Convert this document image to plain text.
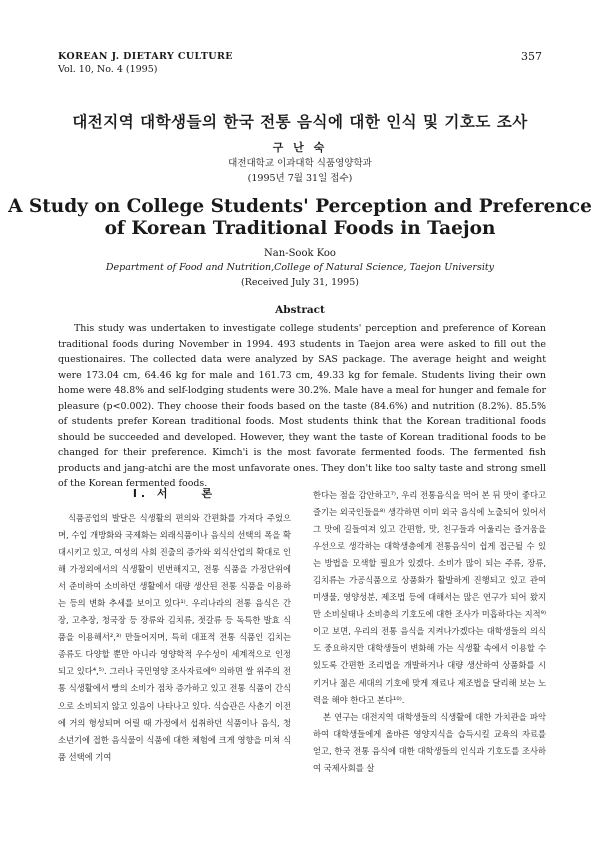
KOREAN J. DIETARY CULTURE
Vol. 10, No. 4 (1995)
357
대전지역 대학생들의 한국 전통 음식에 대한 인식 및 기호도 조사
구 난 숙
대전대학교 이과대학 식품영양학과
(1995년 7월 31일 접수)
A Study on College Students' Perception and Preference
of Korean Traditional Foods in Taejon
Nan-Sook Koo
Department of Food and Nutrition,College of Natural Science, Taejon University
(Received July 31, 1995)
Abstract

This study was undertaken to investigate college students' perception and preference of Korean traditional foods during November in 1994. 493 students in Taejon area were asked to fill out the questionaires. The collected data were analyzed by SAS package. The average height and weight were 173.04 cm, 64.46 kg for male and 161.73 cm, 49.33 kg for female. Students living their own home were 48.8% and self-lodging students were 30.2%. Male have a meal for hunger and female for pleasure (p<0.002). They choose their foods based on the taste (84.6%) and nutrition (8.2%). 85.5% of students prefer Korean traditional foods. Most students think that the Korean traditional foods should be succeeded and developed. However, they want the taste of Korean traditional foods to be changed for their preference. Kimch'i is the most favorate fermented foods. The fermented fish products and jang-atchi are the most unfavorate ones. They don't like too salty taste and strong smell of the Korean fermented foods.

I. 서　　론

식품공업의 발달은 식생활의 편의와 간편화를 가져다 주었으며, 수입 개방화와 국제화는 외래식품이나 음식의 선택의 폭을 확대시키고 있고, 여성의 사회 진출의 증가와 외식산업의 확대로 인해 가정외에서의 식생활이 빈번해지고, 전통 식품을 가정단위에서 준비하여 소비하던 생활에서 대량 생산된 전통 식품을 이용하는 등의 변화 추세를 보이고 있다¹⁾. 우리나라의 전통 음식은 간장, 고추장, 청국장 등 장류와 김치류, 젓갈류 등 독특한 발효 식품을 이용해서²,³⁾ 만들어지며, 특히 대표적 전통 식품인 김치는 종류도 다양할 뿐만 아니라 영양학적 우수성이 세계적으로 인정되고 있다⁴,⁵⁾. 그러나 국민영양 조사자료에⁶⁾ 의하면 쌀 위주의 전통 식생활에서 빵의 소비가 점차 증가하고 있고 전통 식품이 간식으로 소비되지 않고 있음이 나타나고 있다. 식습관은 사춘기 이전에 거의 형성되며 어릴 때 가정에서 섭취하던 식품이나 음식, 청소년기에 접한 음식물이 식품에 대한 체험에 크게 영향을 미쳐 식품 선택에 기여

한다는 점을 감안하고⁷⁾, 우리 전통음식을 먹어 본 뒤 맛이 좋다고 즐기는 외국인들을⁸⁾ 생각하면 이미 외국 음식에 노출되어 있어서 그 맛에 길들여져 있고 간편함, 맛, 친구들과 어울리는 즐거움을 우선으로 생각하는 대학생층에게 전통음식이 쉽게 접근될 수 있는 방법을 모색할 필요가 있겠다. 소비가 많이 되는 주류, 장류, 김치류는 가공식품으로 상품화가 활발하게 진행되고 있고 관여 미생물, 영양성분, 제조법 등에 대해서는 많은 연구가 되어 왔지만 소비실태나 소비층의 기호도에 대한 조사가 미흡하다는 지적⁹⁾이고 보면, 우리의 전통 음식을 지켜나가겠다는 대학생들의 의식도 중요하지만 대학생들이 변화해 가는 식생활 속에서 이용할 수 있도록 간편한 조리법을 개발하거나 대량 생산하여 상품화를 시키거나 젊은 세대의 기호에 맞게 재료나 제조법을 달리해 보는 노력을 해야 한다고 본다¹⁰⁾.

본 연구는 대전지역 대학생들의 식생활에 대한 가치관을 파악하여 대학생들에게 올바른 영양지식을 습득시킬 교육의 자료를 얻고, 한국 전통 음식에 대한 대학생들의 인식과 기호도를 조사하여 국제사회를 살
